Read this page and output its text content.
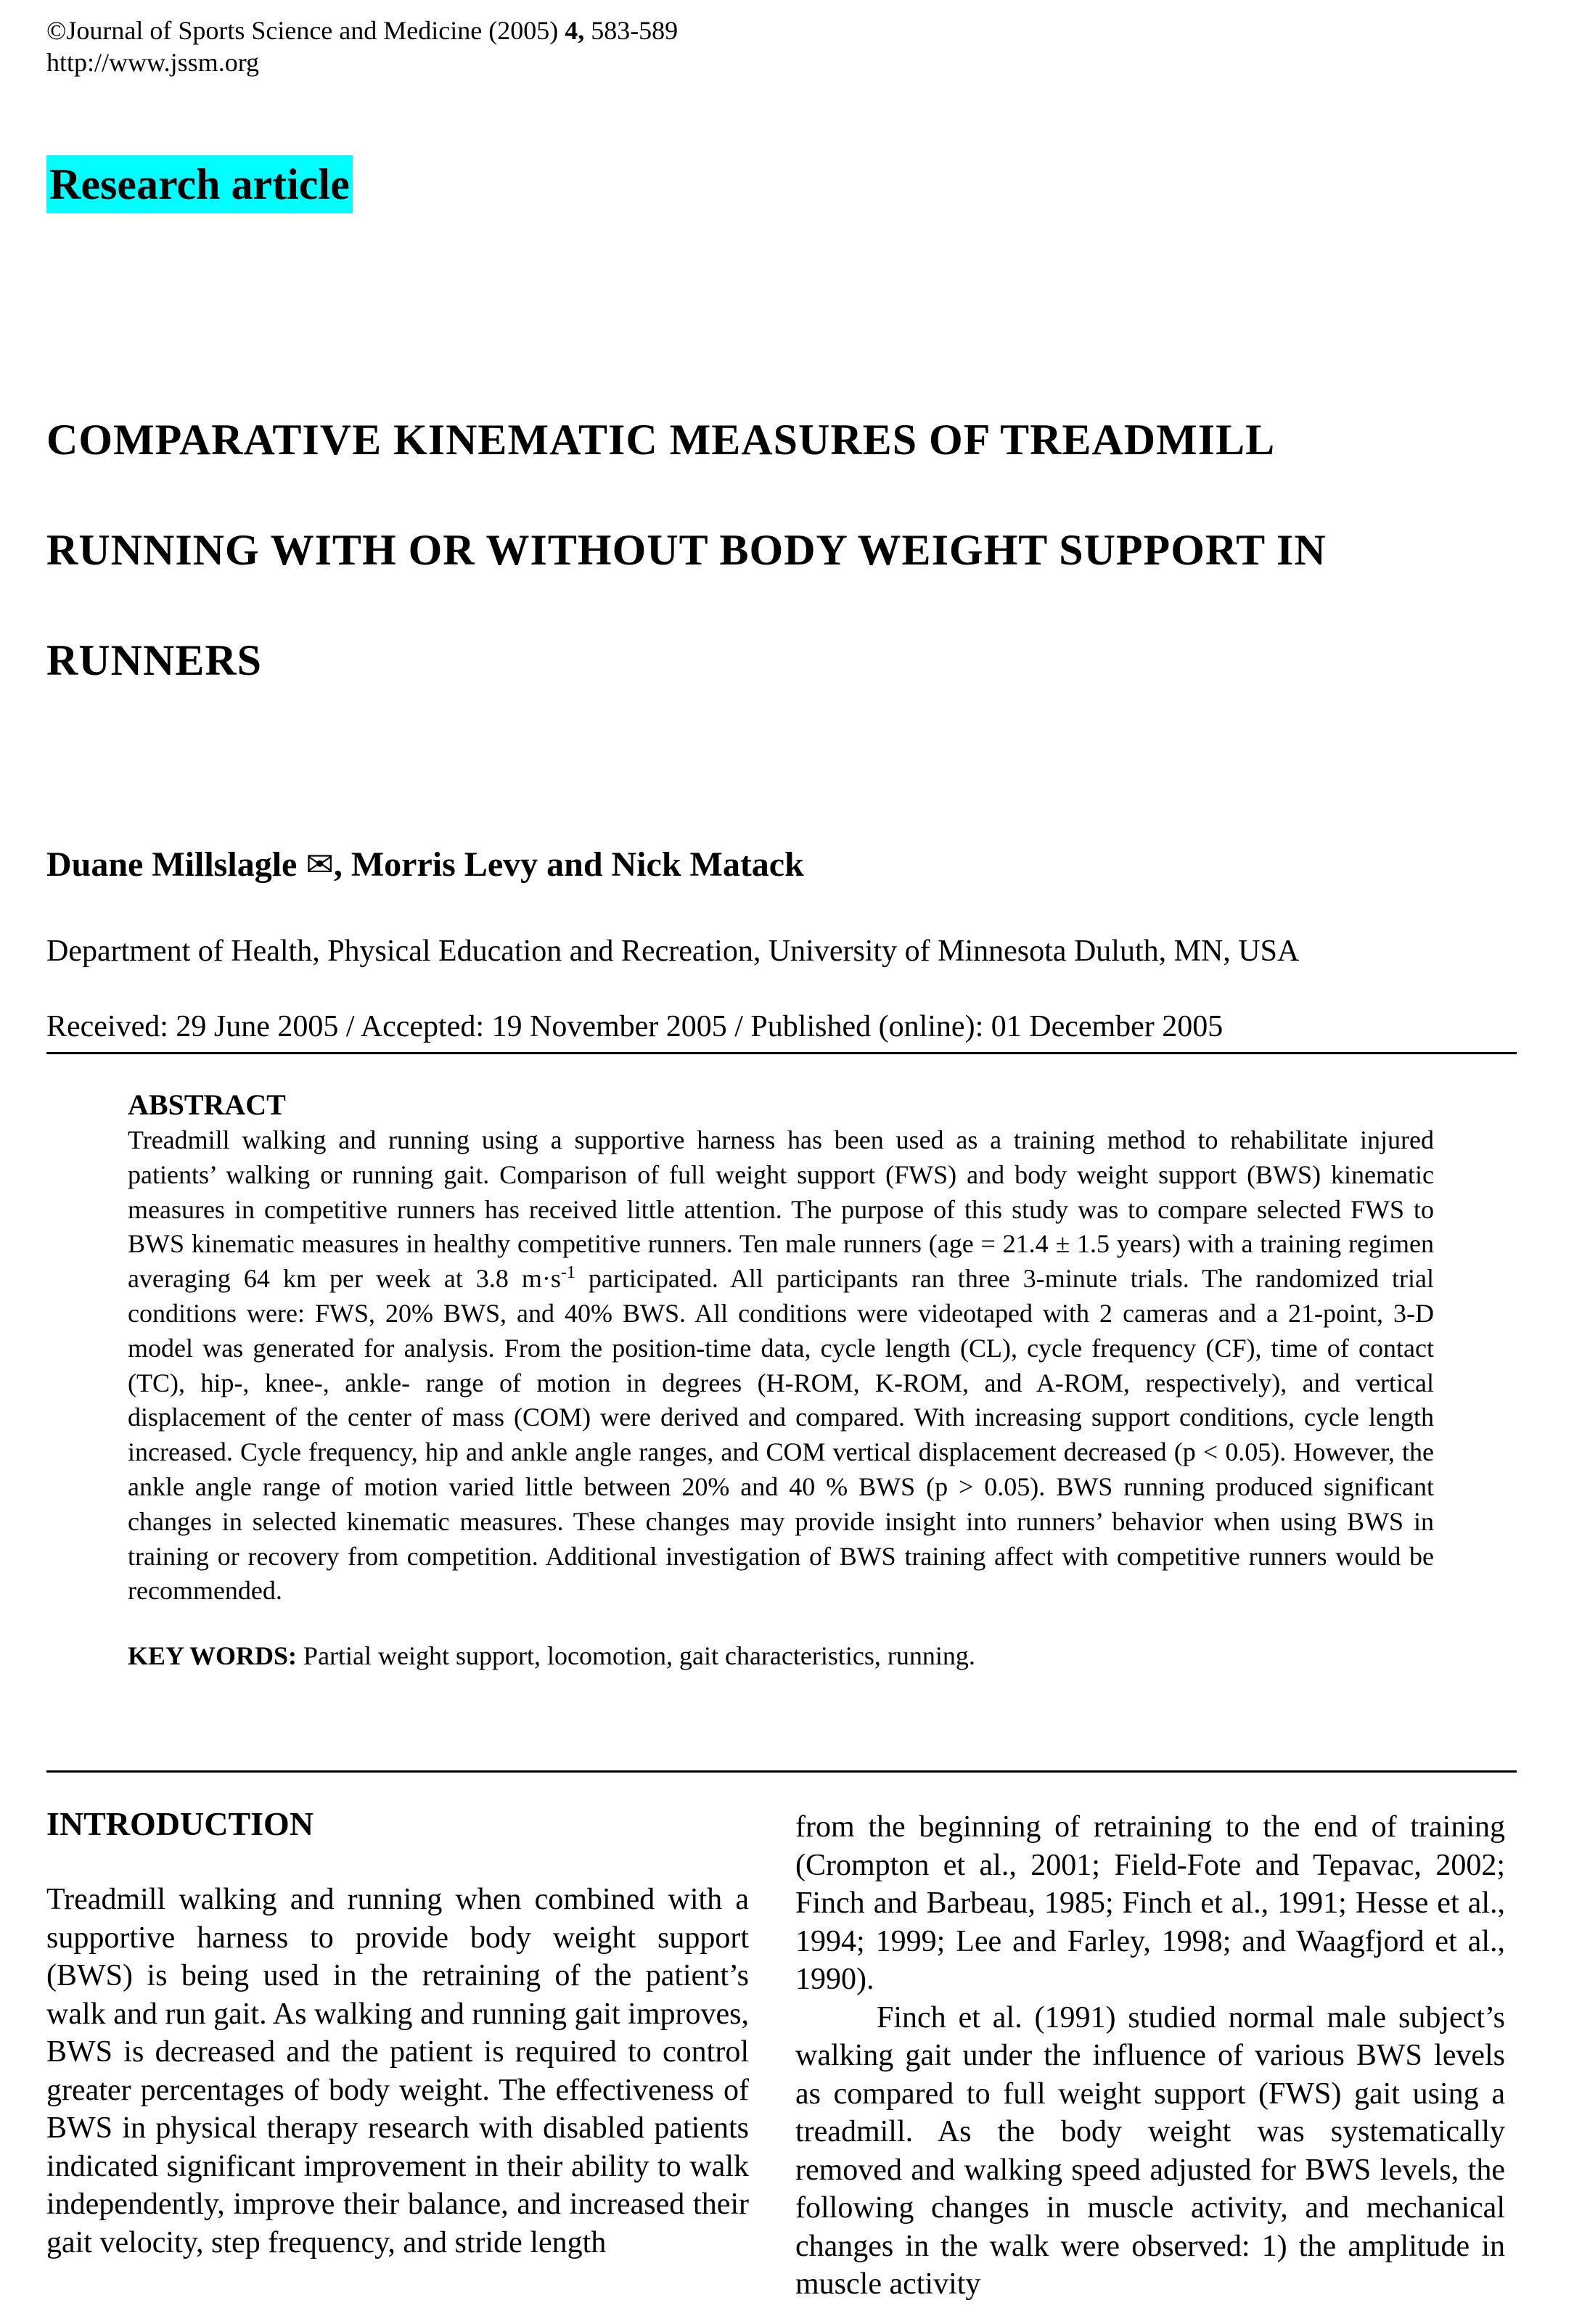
©Journal of Sports Science and Medicine (2005) 4, 583-589
http://www.jssm.org
Research article
COMPARATIVE KINEMATIC MEASURES OF TREADMILL
RUNNING WITH OR WITHOUT BODY WEIGHT SUPPORT IN
RUNNERS
Duane Millslagle ✉, Morris Levy and Nick Matack
Department of Health, Physical Education and Recreation, University of Minnesota Duluth, MN, USA
Received: 29 June 2005 / Accepted: 19 November 2005 / Published (online): 01 December 2005
ABSTRACT

Treadmill walking and running using a supportive harness has been used as a training method to rehabilitate injured patients’ walking or running gait. Comparison of full weight support (FWS) and body weight support (BWS) kinematic measures in competitive runners has received little attention. The purpose of this study was to compare selected FWS to BWS kinematic measures in healthy competitive runners. Ten male runners (age = 21.4 ± 1.5 years) with a training regimen averaging 64 km per week at 3.8 $m\cdot s^{-1}$ participated. All participants ran three 3-minute trials. The randomized trial conditions were: FWS, 20% BWS, and 40% BWS. All conditions were videotaped with 2 cameras and a 21-point, 3-D model was generated for analysis. From the position-time data, cycle length (CL), cycle frequency (CF), time of contact (TC), hip-, knee-, ankle- range of motion in degrees (H-ROM, K-ROM, and A-ROM, respectively), and vertical displacement of the center of mass (COM) were derived and compared. With increasing support conditions, cycle length increased. Cycle frequency, hip and ankle angle ranges, and COM vertical displacement decreased (p < 0.05). However, the ankle angle range of motion varied little between 20% and 40 % BWS (p > 0.05). BWS running produced significant changes in selected kinematic measures. These changes may provide insight into runners’ behavior when using BWS in training or recovery from competition. Additional investigation of BWS training affect with competitive runners would be recommended.

KEY WORDS: Partial weight support, locomotion, gait characteristics, running.
INTRODUCTION

Treadmill walking and running when combined with a supportive harness to provide body weight support (BWS) is being used in the retraining of the patient’s walk and run gait. As walking and running gait improves, BWS is decreased and the patient is required to control greater percentages of body weight. The effectiveness of BWS in physical therapy research with disabled patients indicated significant improvement in their ability to walk independently, improve their balance, and increased their gait velocity, step frequency, and stride length

from the beginning of retraining to the end of training (Crompton et al., 2001; Field-Fote and Tepavac, 2002; Finch and Barbeau, 1985; Finch et al., 1991; Hesse et al., 1994; 1999; Lee and Farley, 1998; and Waagfjord et al., 1990).

Finch et al. (1991) studied normal male subject’s walking gait under the influence of various BWS levels as compared to full weight support (FWS) gait using a treadmill. As the body weight was systematically removed and walking speed adjusted for BWS levels, the following changes in muscle activity, and mechanical changes in the walk were observed: 1) the amplitude in muscle activity
